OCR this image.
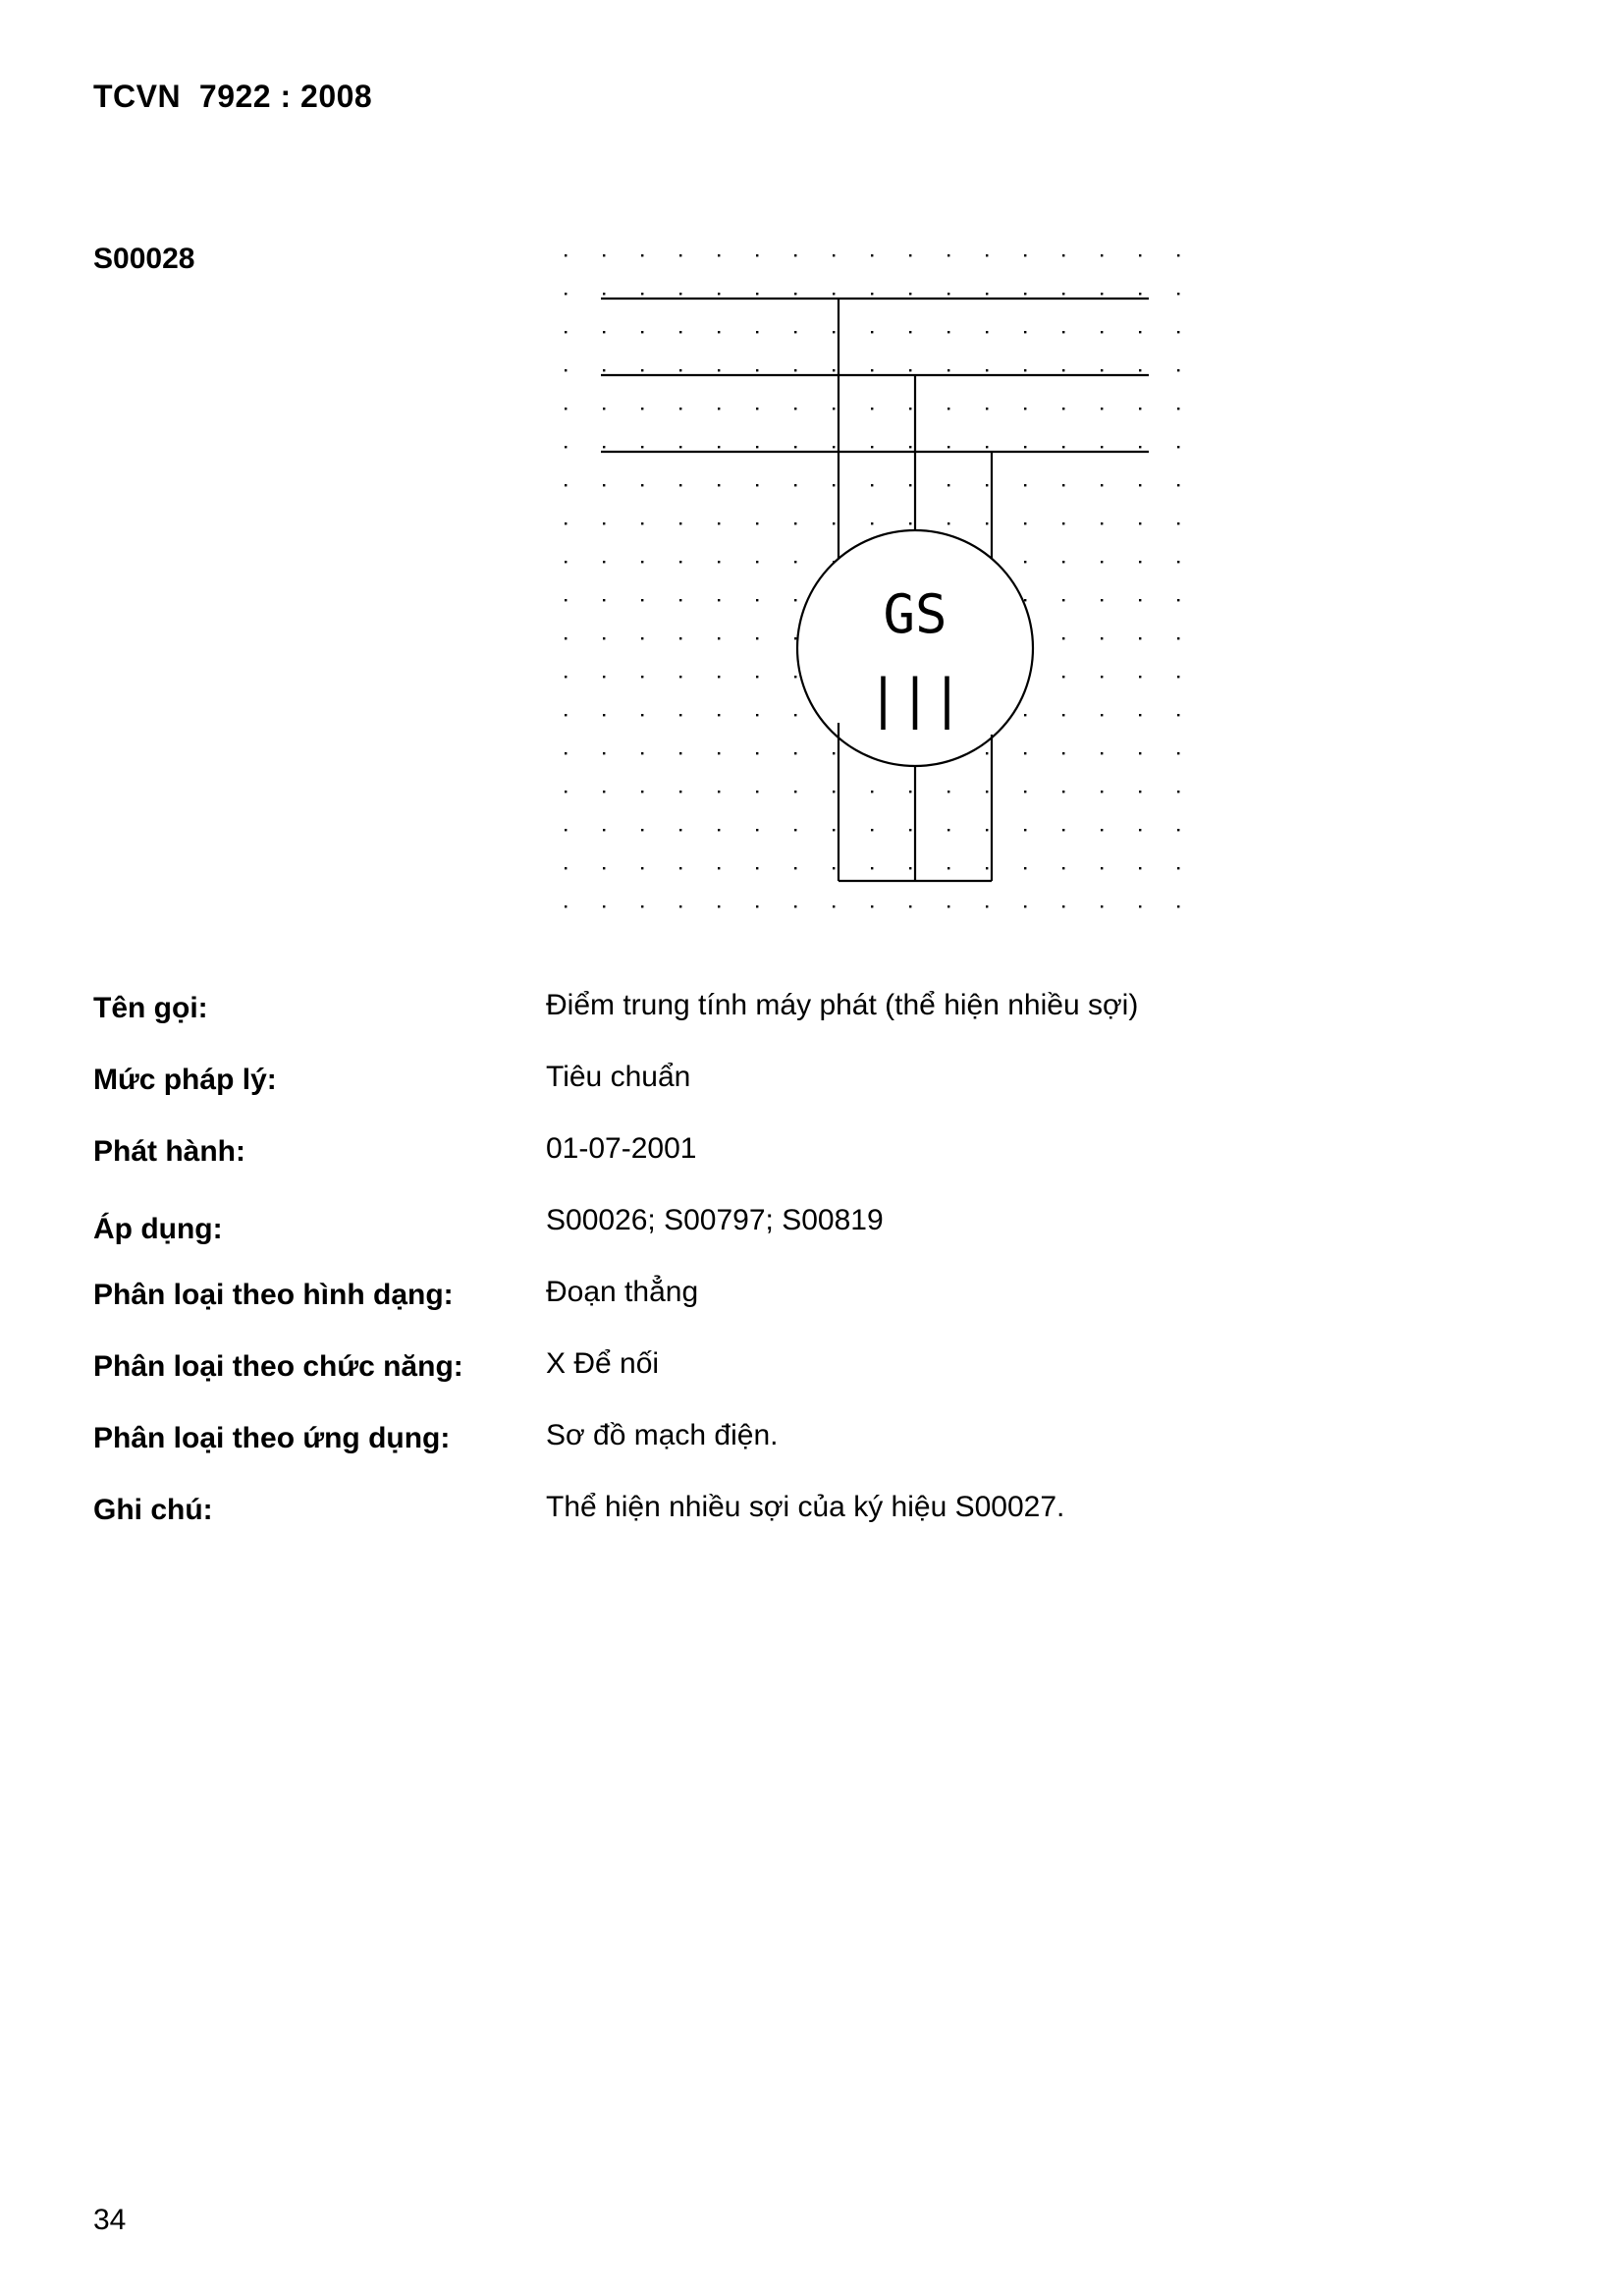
TCVN  7922 : 2008
S00028
GS
|||
Tên gọi:	Điểm trung tính máy phát (thể hiện nhiều sợi)
Mức pháp lý:	Tiêu chuẩn
Phát hành:	01-07-2001
Áp dụng:	S00026; S00797; S00819
Phân loại theo hình dạng:	Đoạn thẳng
Phân loại theo chức năng:	X Để nối
Phân loại theo ứng dụng:	Sơ đồ mạch điện.
Ghi chú:	Thể hiện nhiều sợi của ký hiệu S00027.
34
